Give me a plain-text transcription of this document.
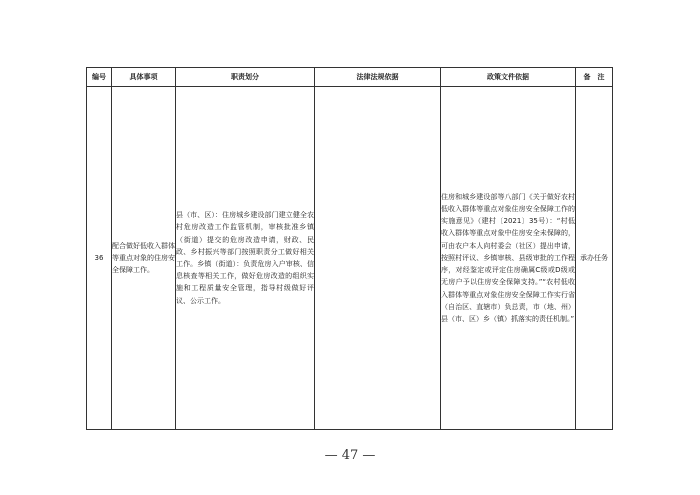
编号	具体事项	职责划分	法律法规依据	政策文件依据	备　注
36	配合做好低收入群体等重点对象的住房安全保障工作。	县（市、区）：住房城乡建设部门建立健全农村危房改造工作监管机制，审核批准乡镇（街道）提交的危房改造申请，财政、民政、乡村振兴等部门按照职责分工做好相关工作。乡镇（街道）：负责危房入户审核、信息核查等相关工作，做好危房改造的组织实施和工程质量安全管理，指导村级做好评议、公示工作。		住房和城乡建设部等八部门《关于做好农村低收入群体等重点对象住房安全保障工作的实施意见》（建村〔2021〕35号）：“村低收入群体等重点对象中住房安全未保障的，可由农户本人向村委会（社区）提出申请，按照村评议、乡镇审核、县级审批的工作程序，对经鉴定或评定住房确属C级或D级或无房户予以住房安全保障支持。”“农村低收入群体等重点对象住房安全保障工作实行省（自治区、直辖市）负总责，市（地、州）县（市、区）乡（镇）抓落实的责任机制。”	承办任务
— 47 —
